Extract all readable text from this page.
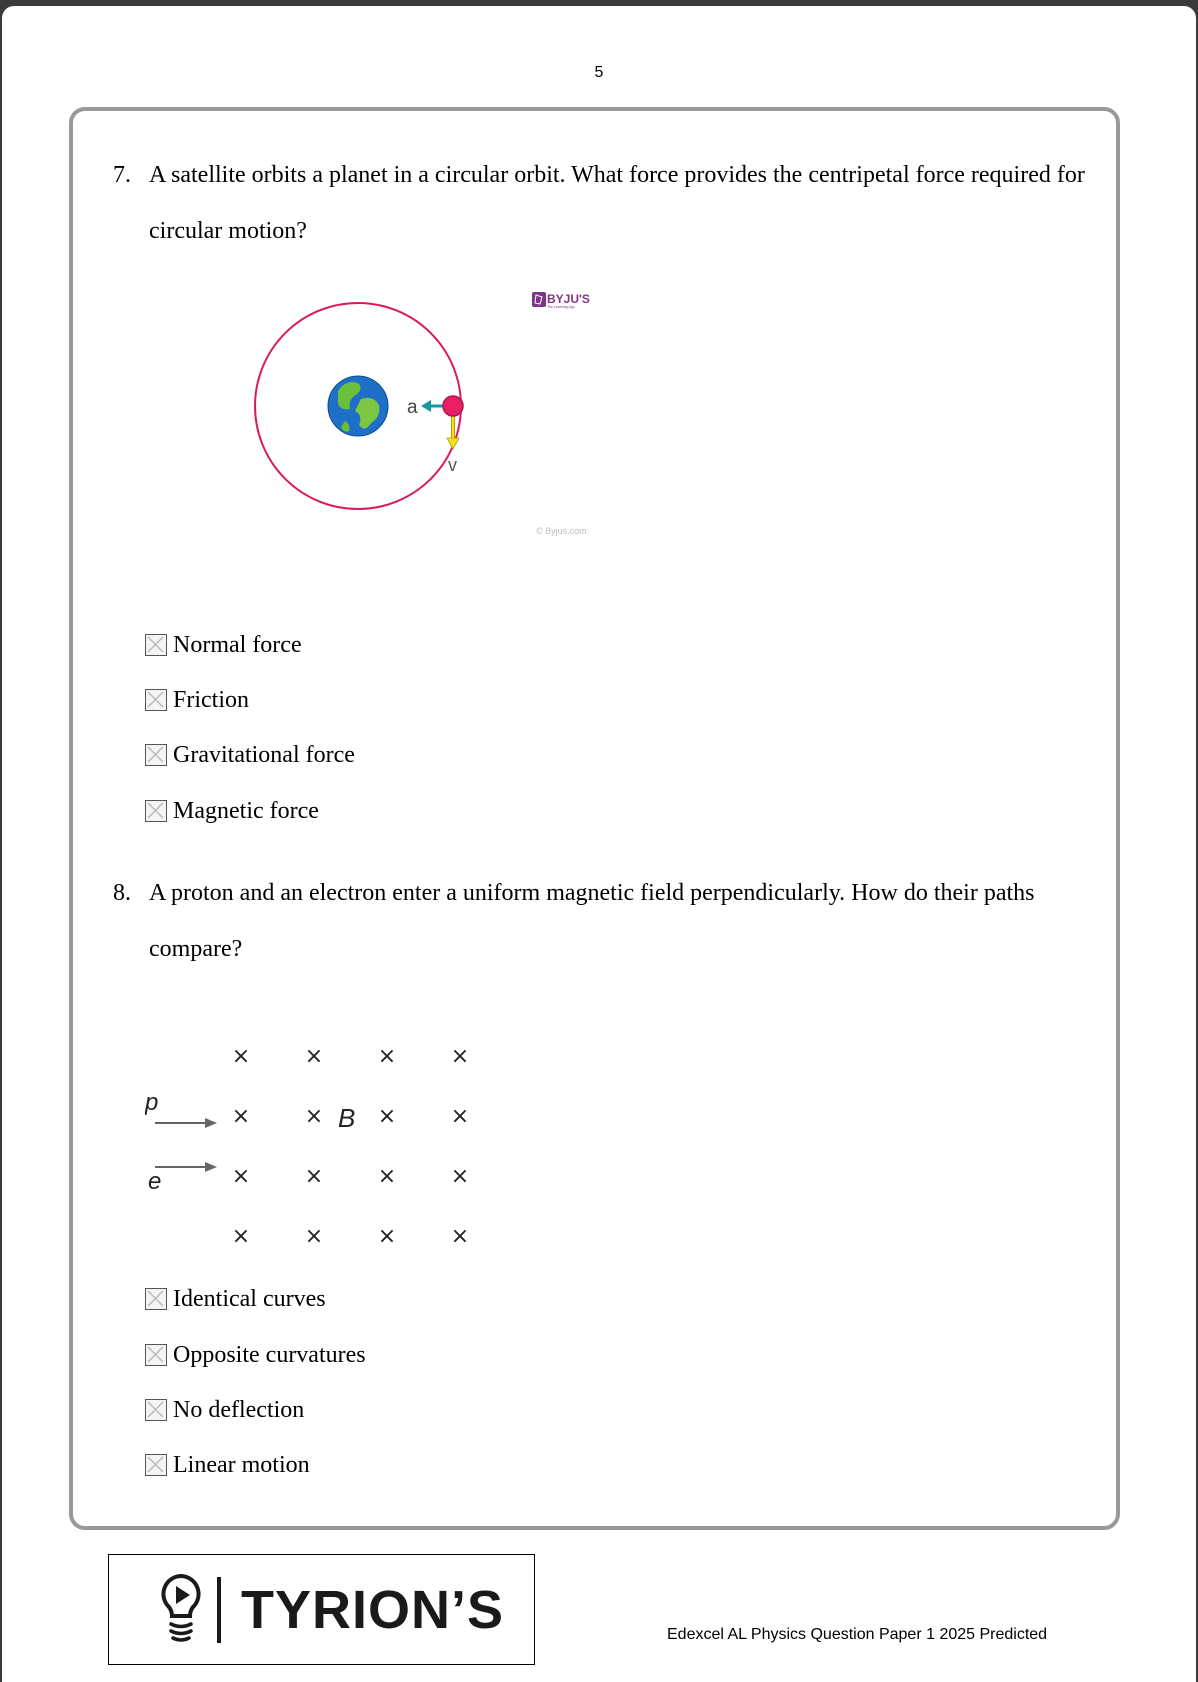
5
7. A satellite orbits a planet in a circular orbit. What force provides the centripetal force required for circular motion?
a
v
BYJU'S
The Learning App
© Byjus.com
Normal force
Friction
Gravitational force
Magnetic force
8. A proton and an electron enter a uniform magnetic field perpendicularly. How do their paths compare?
× × × ×
× × × ×
× × × ×
× × × ×
p
e
B
Identical curves
Opposite curvatures
No deflection
Linear motion
TYRION’S	Edexcel AL Physics Question Paper 1 2025 Predicted
